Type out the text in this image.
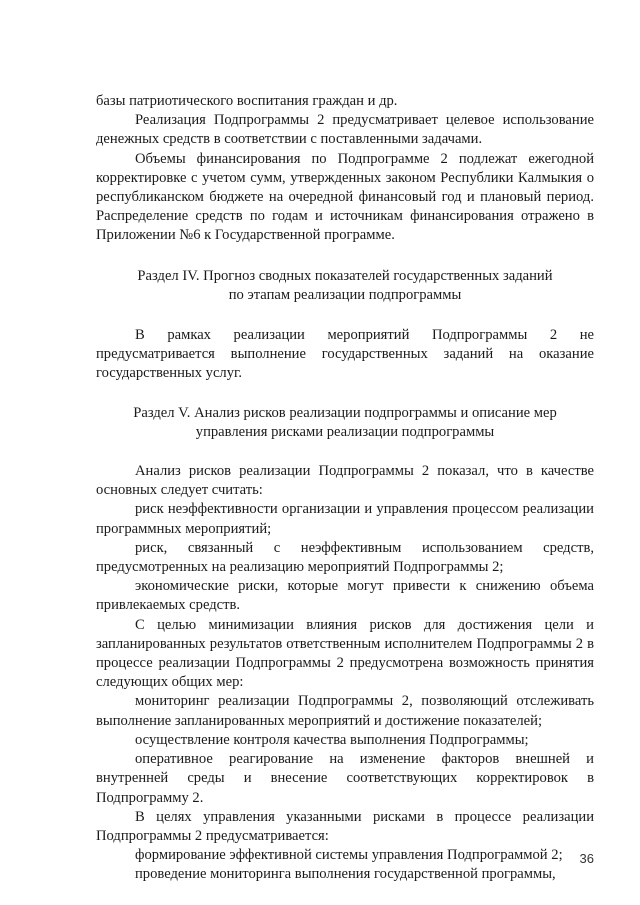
базы патриотического воспитания граждан и др.

Реализация Подпрограммы 2 предусматривает целевое использование денежных средств в соответствии с поставленными задачами.

Объемы финансирования по Подпрограмме 2 подлежат ежегодной корректировке с учетом сумм, утвержденных законом Республики Калмыкия о республиканском бюджете на очередной финансовый год и плановый период. Распределение средств по годам и источникам финансирования отражено в Приложении №6 к Государственной программе.

Раздел IV. Прогноз сводных показателей государственных заданий
по этапам реализации подпрограммы

В рамках реализации мероприятий Подпрограммы 2 не предусматривается выполнение государственных заданий на оказание государственных услуг.

Раздел V. Анализ рисков реализации подпрограммы и описание мер
управления рисками реализации подпрограммы

Анализ рисков реализации Подпрограммы 2 показал, что в качестве основных следует считать:

риск неэффективности организации и управления процессом реализации программных мероприятий;

риск, связанный с неэффективным использованием средств, предусмотренных на реализацию мероприятий Подпрограммы 2;

экономические риски, которые могут привести к снижению объема привлекаемых средств.

С целью минимизации влияния рисков для достижения цели и запланированных результатов ответственным исполнителем Подпрограммы 2 в процессе реализации Подпрограммы 2 предусмотрена возможность принятия следующих общих мер:

мониторинг реализации Подпрограммы 2, позволяющий отслеживать выполнение запланированных мероприятий и достижение показателей;

осуществление контроля качества выполнения Подпрограммы;

оперативное реагирование на изменение факторов внешней и внутренней среды и внесение соответствующих корректировок в Подпрограмму 2.

В целях управления указанными рисками в процессе реализации Подпрограммы 2 предусматривается:

формирование эффективной системы управления Подпрограммой 2;

проведение мониторинга выполнения государственной программы,

36
